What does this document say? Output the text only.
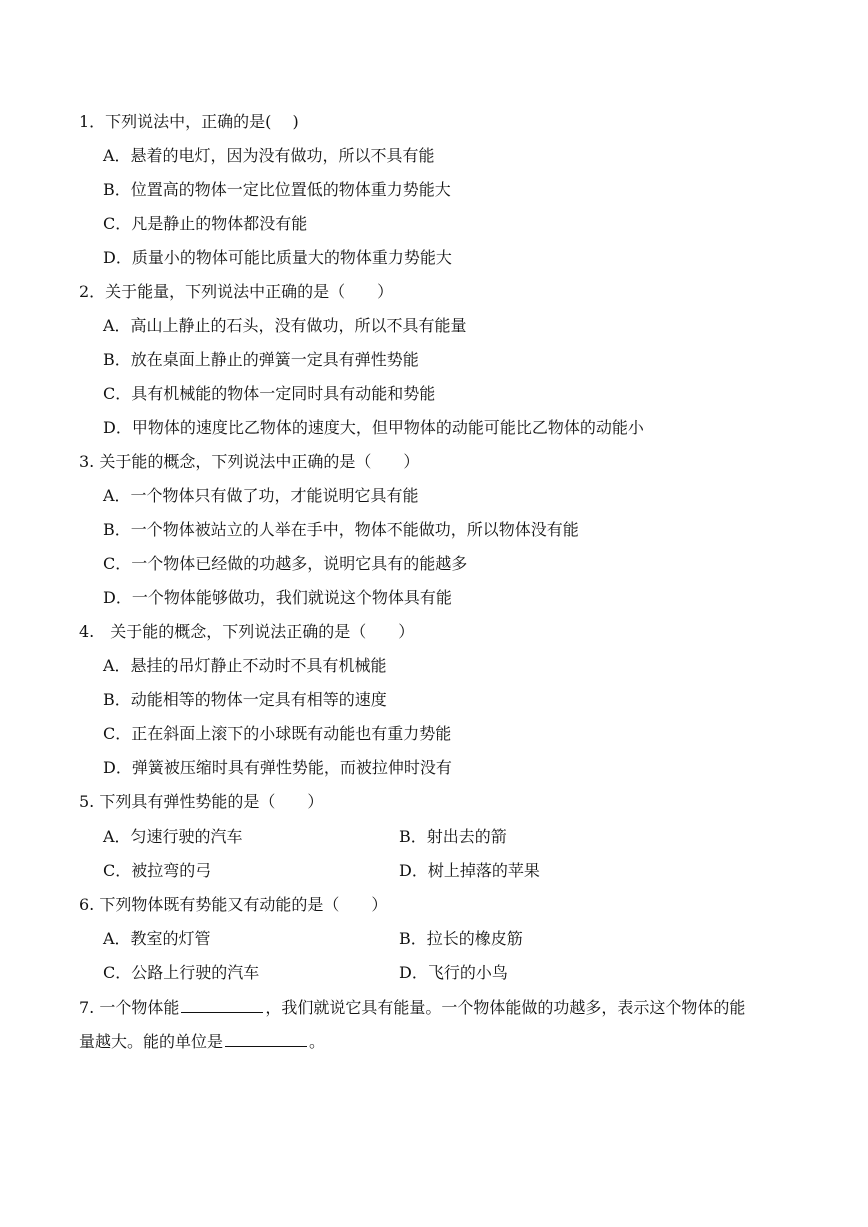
1．下列说法中，正确的是(　 )
A．悬着的电灯，因为没有做功，所以不具有能
B．位置高的物体一定比位置低的物体重力势能大
C．凡是静止的物体都没有能
D．质量小的物体可能比质量大的物体重力势能大
2．关于能量，下列说法中正确的是（　　）
A．高山上静止的石头，没有做功，所以不具有能量
B．放在桌面上静止的弹簧一定具有弹性势能
C．具有机械能的物体一定同时具有动能和势能
D．甲物体的速度比乙物体的速度大，但甲物体的动能可能比乙物体的动能小
3. 关于能的概念，下列说法中正确的是（　　）
A．一个物体只有做了功，才能说明它具有能
B．一个物体被站立的人举在手中，物体不能做功，所以物体没有能
C．一个物体已经做的功越多，说明它具有的能越多
D．一个物体能够做功，我们就说这个物体具有能
4.　关于能的概念，下列说法正确的是（　　）
A．悬挂的吊灯静止不动时不具有机械能
B．动能相等的物体一定具有相等的速度
C．正在斜面上滚下的小球既有动能也有重力势能
D．弹簧被压缩时具有弹性势能，而被拉伸时没有
5. 下列具有弹性势能的是（　　）
A．匀速行驶的汽车	B．射出去的箭
C．被拉弯的弓	D．树上掉落的苹果
6. 下列物体既有势能又有动能的是（　　）
A．教室的灯管	B．拉长的橡皮筋
C．公路上行驶的汽车	D．飞行的小鸟
7. 一个物体能	，我们就说它具有能量。一个物体能做的功越多，表示这个物体的能
量越大。能的单位是	。
